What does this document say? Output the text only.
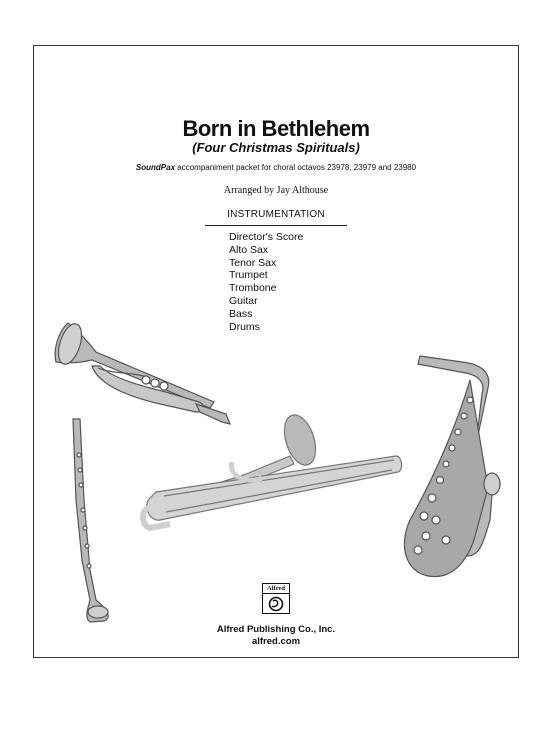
Born in Bethlehem
(Four Christmas Spirituals)
SoundPax accompaniment packet for choral octavos 23978, 23979 and 23980
Arranged by Jay Althouse
INSTRUMENTATION
Director's Score
Alto Sax
Tenor Sax
Trumpet
Trombone
Guitar
Bass
Drums
Alfred
Alfred Publishing Co., Inc.
alfred.com
